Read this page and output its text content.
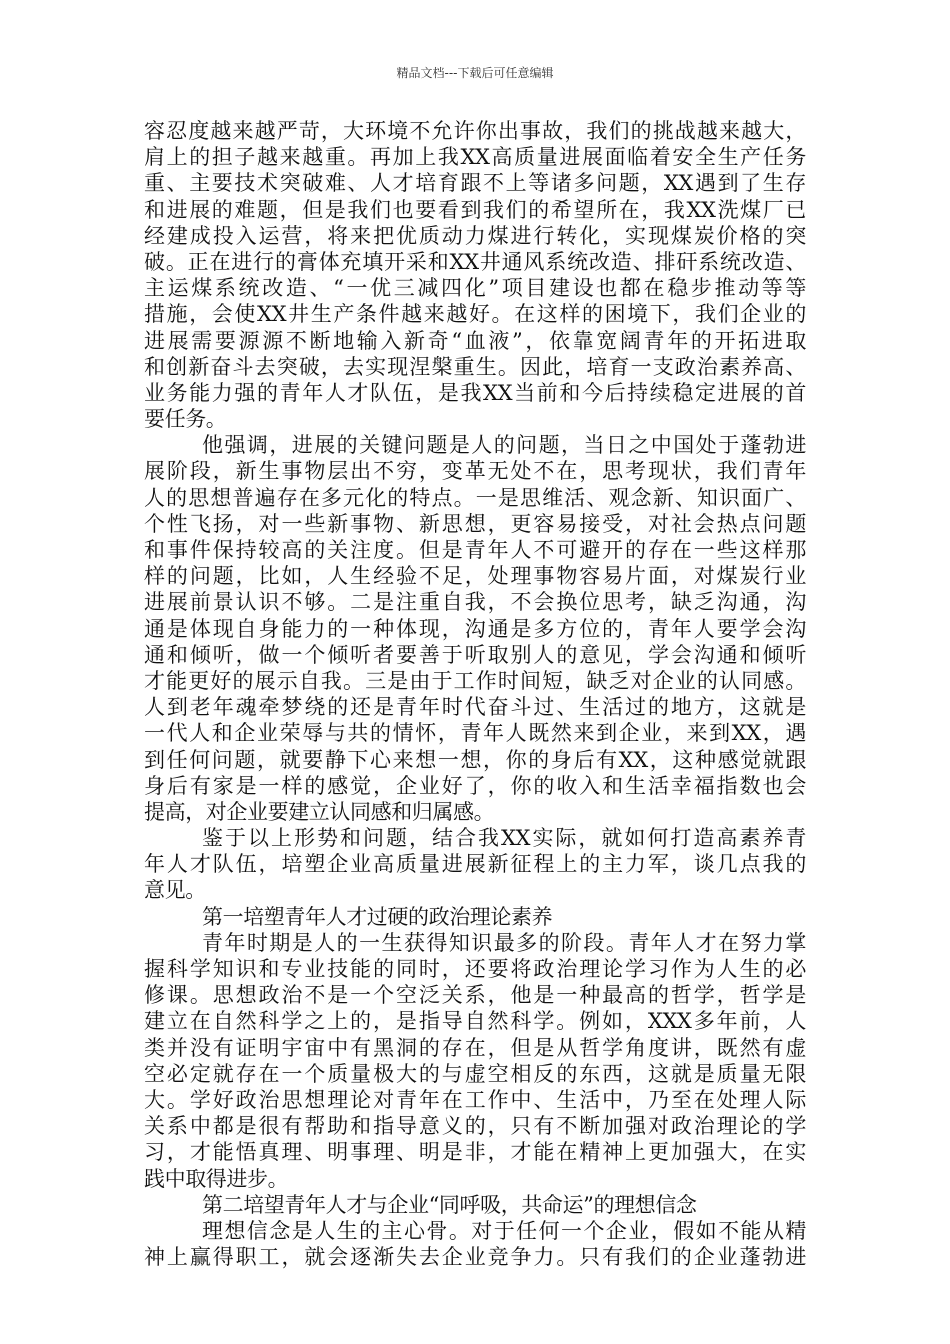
精品文档---下载后可任意编辑
容忍度越来越严苛，大环境不允许你出事故，我们的挑战越来越大，
肩上的担子越来越重。再加上我XX高质量进展面临着安全生产任务
重、主要技术突破难、人才培育跟不上等诸多问题，XX遇到了生存
和进展的难题，但是我们也要看到我们的希望所在，我XX洗煤厂已
经建成投入运营，将来把优质动力煤进行转化，实现煤炭价格的突
破。正在进行的膏体充填开采和XX井通风系统改造、排矸系统改造、
主运煤系统改造、“一优三减四化”项目建设也都在稳步推动等等
措施，会使XX井生产条件越来越好。在这样的困境下，我们企业的
进展需要源源不断地输入新奇“血液”，依靠宽阔青年的开拓进取
和创新奋斗去突破，去实现涅槃重生。因此，培育一支政治素养高、
业务能力强的青年人才队伍，是我XX当前和今后持续稳定进展的首
要任务。
他强调，进展的关键问题是人的问题，当日之中国处于蓬勃进
展阶段，新生事物层出不穷，变革无处不在，思考现状，我们青年
人的思想普遍存在多元化的特点。一是思维活、观念新、知识面广、
个性飞扬，对一些新事物、新思想，更容易接受，对社会热点问题
和事件保持较高的关注度。但是青年人不可避开的存在一些这样那
样的问题，比如，人生经验不足，处理事物容易片面，对煤炭行业
进展前景认识不够。二是注重自我，不会换位思考，缺乏沟通，沟
通是体现自身能力的一种体现，沟通是多方位的，青年人要学会沟
通和倾听，做一个倾听者要善于听取别人的意见，学会沟通和倾听
才能更好的展示自我。三是由于工作时间短，缺乏对企业的认同感。
人到老年魂牵梦绕的还是青年时代奋斗过、生活过的地方，这就是
一代人和企业荣辱与共的情怀，青年人既然来到企业，来到XX，遇
到任何问题，就要静下心来想一想，你的身后有XX，这种感觉就跟
身后有家是一样的感觉，企业好了，你的收入和生活幸福指数也会
提高，对企业要建立认同感和归属感。
鉴于以上形势和问题，结合我XX实际，就如何打造高素养青
年人才队伍，培塑企业高质量进展新征程上的主力军，谈几点我的
意见。
第一培塑青年人才过硬的政治理论素养
青年时期是人的一生获得知识最多的阶段。青年人才在努力掌
握科学知识和专业技能的同时，还要将政治理论学习作为人生的必
修课。思想政治不是一个空泛关系，他是一种最高的哲学，哲学是
建立在自然科学之上的，是指导自然科学。例如，XXX多年前，人
类并没有证明宇宙中有黑洞的存在，但是从哲学角度讲，既然有虚
空必定就存在一个质量极大的与虚空相反的东西，这就是质量无限
大。学好政治思想理论对青年在工作中、生活中，乃至在处理人际
关系中都是很有帮助和指导意义的，只有不断加强对政治理论的学
习，才能悟真理、明事理、明是非，才能在精神上更加强大，在实
践中取得进步。
第二培望青年人才与企业“同呼吸，共命运”的理想信念
理想信念是人生的主心骨。对于任何一个企业，假如不能从精
神上赢得职工，就会逐渐失去企业竞争力。只有我们的企业蓬勃进
